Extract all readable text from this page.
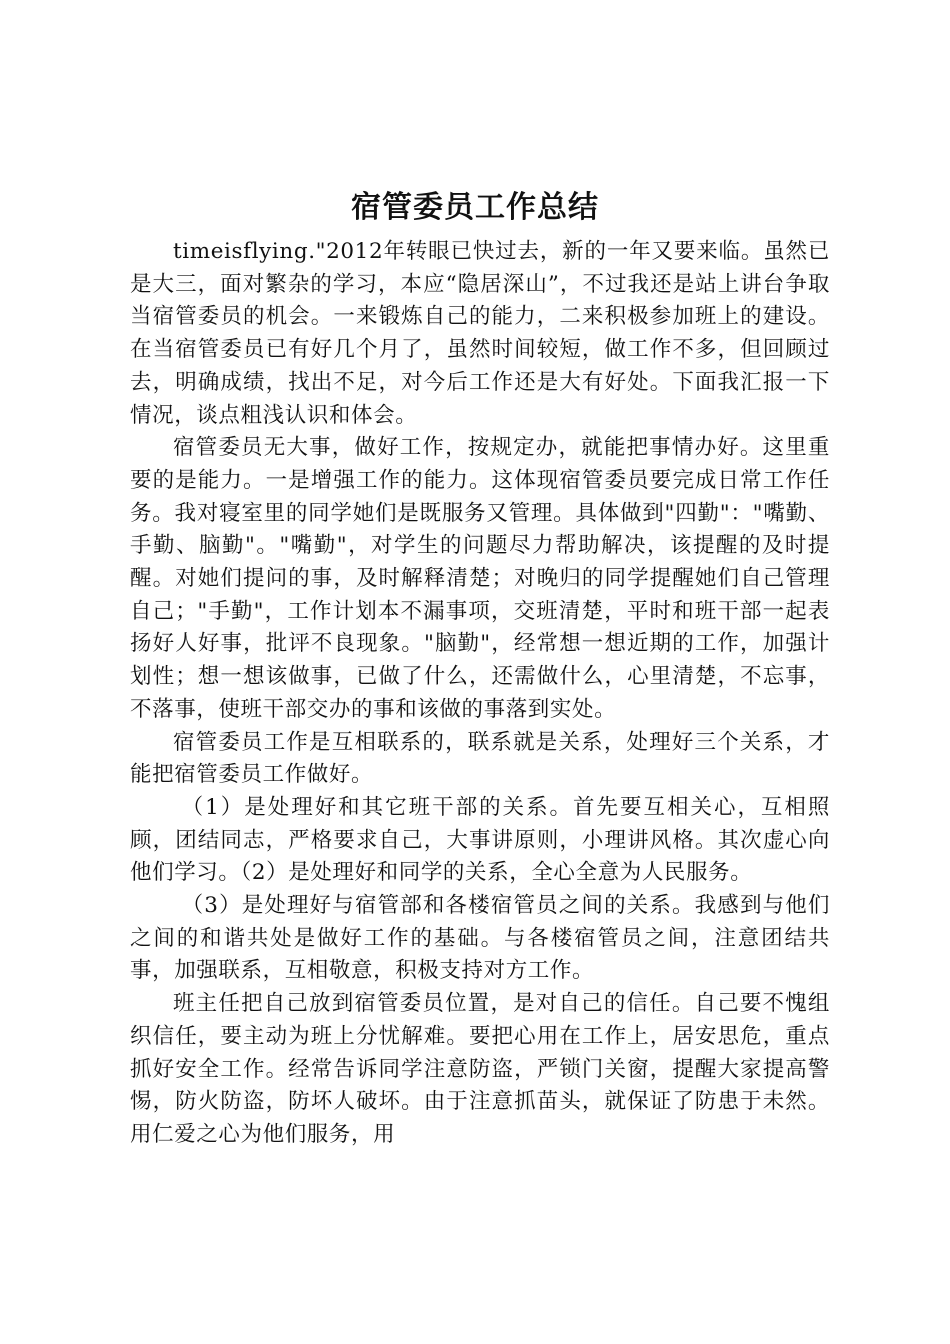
宿管委员工作总结

timeisflying."2012年转眼已快过去，新的一年又要来临。虽然已是大三，面对繁杂的学习，本应“隐居深山”，不过我还是站上讲台争取当宿管委员的机会。一来锻炼自己的能力，二来积极参加班上的建设。在当宿管委员已有好几个月了，虽然时间较短，做工作不多，但回顾过去，明确成绩，找出不足，对今后工作还是大有好处。下面我汇报一下情况，谈点粗浅认识和体会。

宿管委员无大事，做好工作，按规定办，就能把事情办好。这里重要的是能力。一是增强工作的能力。这体现宿管委员要完成日常工作任务。我对寝室里的同学她们是既服务又管理。具体做到"四勤"："嘴勤、手勤、脑勤"。"嘴勤"，对学生的问题尽力帮助解决，该提醒的及时提醒。对她们提问的事，及时解释清楚；对晚归的同学提醒她们自己管理自己；"手勤"，工作计划本不漏事项，交班清楚，平时和班干部一起表扬好人好事，批评不良现象。"脑勤"，经常想一想近期的工作，加强计划性；想一想该做事，已做了什么，还需做什么，心里清楚，不忘事，不落事，使班干部交办的事和该做的事落到实处。

宿管委员工作是互相联系的，联系就是关系，处理好三个关系，才能把宿管委员工作做好。

（1）是处理好和其它班干部的关系。首先要互相关心，互相照顾，团结同志，严格要求自己，大事讲原则，小理讲风格。其次虚心向他们学习。（2）是处理好和同学的关系，全心全意为人民服务。

（3）是处理好与宿管部和各楼宿管员之间的关系。我感到与他们之间的和谐共处是做好工作的基础。与各楼宿管员之间，注意团结共事，加强联系，互相敬意，积极支持对方工作。

班主任把自己放到宿管委员位置，是对自己的信任。自己要不愧组织信任，要主动为班上分忧解难。要把心用在工作上，居安思危，重点抓好安全工作。经常告诉同学注意防盗，严锁门关窗，提醒大家提高警惕，防火防盗，防坏人破坏。由于注意抓苗头，就保证了防患于未然。用仁爱之心为他们服务，用
